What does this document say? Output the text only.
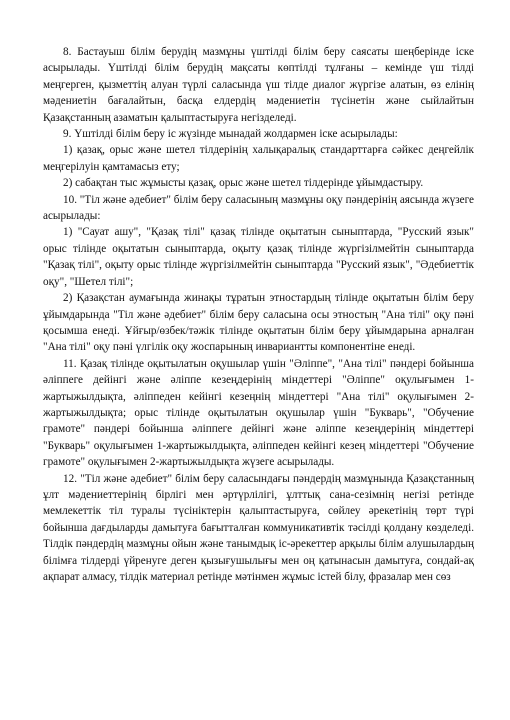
8. Бастауыш білім берудің мазмұны үштілді білім беру саясаты шеңберінде іске асырылады. Үштілді білім берудің мақсаты көптілді тұлғаны – кемінде үш тілді меңгерген, қызметтің алуан түрлі саласында үш тілде диалог жүргізе алатын, өз елінің мәдениетін бағалайтын, басқа елдердің мәдениетін түсінетін және сыйлайтын Қазақстанның азаматын қалыптастыруға негізделеді.

9. Үштілді білім беру іс жүзінде мынадай жолдармен іске асырылады:

1) қазақ, орыс және шетел тілдерінің халықаралық стандарттарға сәйкес деңгейлік меңгерілуін қамтамасыз ету;

2) сабақтан тыс жұмысты қазақ, орыс және шетел тілдерінде ұйымдастыру.

10. "Тіл және әдебиет" білім беру саласының мазмұны оқу пәндерінің аясында жүзеге асырылады:

1) "Сауат ашу", "Қазақ тілі" қазақ тілінде оқытатын сыныптарда, "Русский язык" орыс тілінде оқытатын сыныптарда, оқыту қазақ тілінде жүргізілмейтін сыныптарда "Қазақ тілі", оқыту орыс тілінде жүргізілмейтін сыныптарда "Русский язык", "Әдебиеттік оқу", "Шетел тілі";

2) Қазақстан аумағында жинақы тұратын этностардың тілінде оқытатын білім беру ұйымдарында "Тіл және әдебиет" білім беру саласына осы этностың "Ана тілі" оқу пәні қосымша енеді. Ұйғыр/өзбек/тәжік тілінде оқытатын білім беру ұйымдарына арналған "Ана тілі" оқу пәні үлгілік оқу жоспарының инвариантты компонентіне енеді.

11. Қазақ тілінде оқытылатын оқушылар үшін "Әліппе", "Ана тілі" пәндері бойынша әліппеге дейінгі және әліппе кезеңдерінің міндеттері "Әліппе" оқулығымен 1-жартыжылдықта, әліппеден кейінгі кезеңнің міндеттері "Ана тілі" оқулығымен 2-жартыжылдықта; орыс тілінде оқытылатын оқушылар үшін "Букварь", "Обучение грамоте" пәндері бойынша әліппеге дейінгі және әліппе кезеңдерінің міндеттері "Букварь" оқулығымен 1-жартыжылдықта, әліппеден кейінгі кезең міндеттері "Обучение грамоте" оқулығымен 2-жартыжылдықта жүзеге асырылады.

12. "Тіл және әдебиет" білім беру саласындағы пәндердің мазмұнында Қазақстанның ұлт мәдениеттерінің бірлігі мен әртүрлілігі, ұлттық сана-сезімнің негізі ретінде мемлекеттік тіл туралы түсініктерін қалыптастыруға, сөйлеу әрекетінің төрт түрі бойынша дағдыларды дамытуға бағытталған коммуникативтік тәсілді қолдану көзделеді. Тілдік пәндердің мазмұны ойын және танымдық іс-әрекеттер арқылы білім алушылардың білімға тілдерді үйренуге деген қызығушылығы мен оң қатынасын дамытуға, сондай-ақ ақпарат алмасу, тілдік материал ретінде мәтінмен жұмыс істей білу, фразалар мен сөз
